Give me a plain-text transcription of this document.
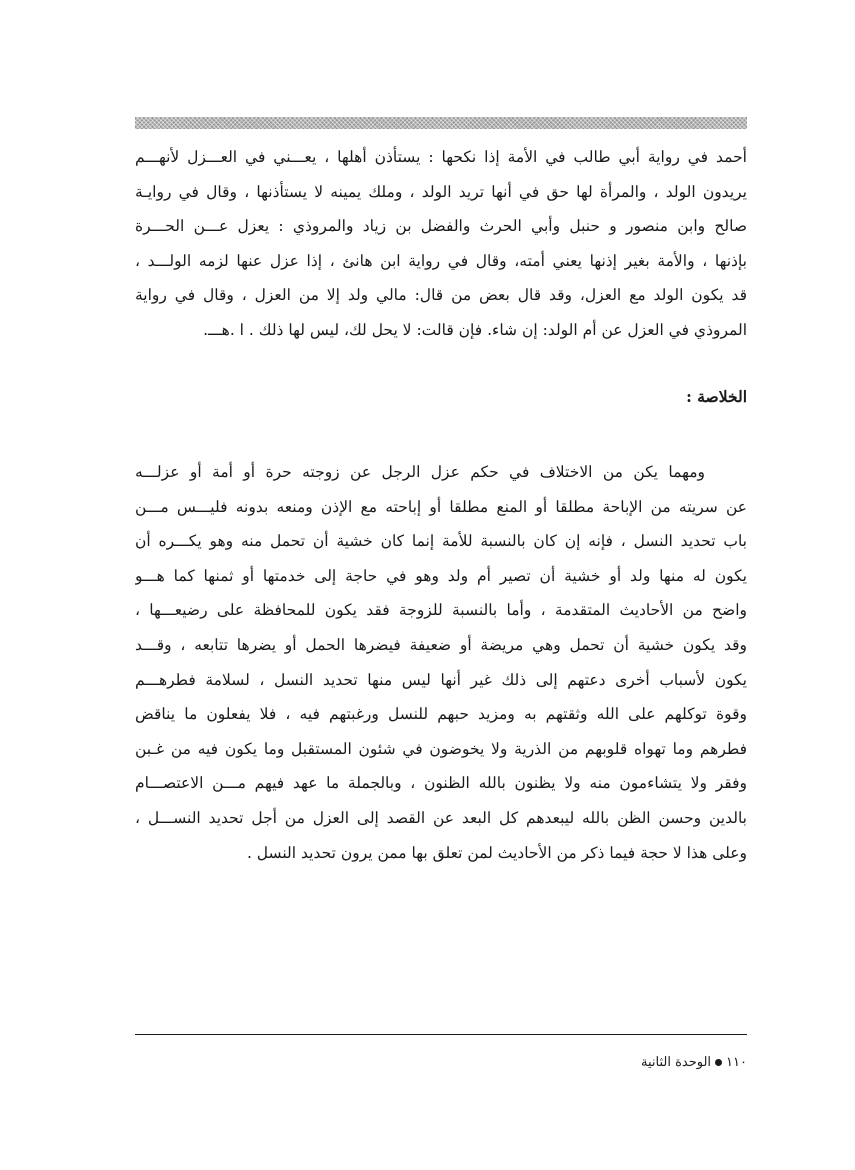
أحمد في رواية أبي طالب في الأمة إذا نكحها : يستأذن أهلها ، يعـــني في العـــزل لأنهـــم
يريدون الولد ، والمرأة لها حق في أنها تريد الولد ، وملك يمينه لا يستأذنها ، وقال في روايـة
صالح وابن منصور و حنبل وأبي الحرث والفضل بن زياد والمروذي : يعزل عـــن الحـــرة
بإذنها ، والأمة بغير إذنها يعني أمته، وقال في رواية ابن هانئ ، إذا عزل عنها لزمه الولـــد ،
قد يكون الولد مع العزل، وقد قال بعض من قال: مالي ولد إلا من العزل ، وقال في رواية
المروذي في العزل عن أم الولد: إن شاء. فإن قالت: لا يحل لك، ليس لها ذلك . ا .هـــ.
الخلاصة :
ومهما يكن من الاختلاف في حكم عزل الرجل عن زوجته حرة أو أمة أو عزلـــه
عن سريته من الإباحة مطلقا أو المنع مطلقا أو إباحته مع الإذن ومنعه بدونه فليـــس مـــن
باب تحديد النسل ، فإنه إن كان بالنسبة للأمة إنما كان خشية أن تحمل منه وهو يكـــره أن
يكون له منها ولد أو خشية أن تصير أم ولد وهو في حاجة إلى خدمتها أو ثمنها كما هـــو
واضح من الأحاديث المتقدمة ، وأما بالنسبة للزوجة فقد يكون للمحافظة على رضيعـــها ،
وقد يكون خشية أن تحمل وهي مريضة أو ضعيفة فيضرها الحمل أو يضرها تتابعه ، وقـــد
يكون لأسباب أخرى دعتهم إلى ذلك غير أنها ليس منها تحديد النسل ، لسلامة فطرهـــم
وقوة توكلهم على الله وثقتهم به ومزيد حبهم للنسل ورغبتهم فيه ، فلا يفعلون ما يناقض
فطرهم وما تهواه قلوبهم من الذرية ولا يخوضون في شئون المستقبل وما يكون فيه من غـبن
وفقر ولا يتشاءمون منه ولا يظنون بالله الظنون ، وبالجملة ما عهد فيهم مـــن الاعتصـــام
بالدين وحسن الظن بالله ليبعدهم كل البعد عن القصد إلى العزل من أجل تحديد النســـل ،
وعلى هذا لا حجة فيما ذكر من الأحاديث لمن تعلق بها ممن يرون تحديد النسل .
١١٠الوحدة الثانية
